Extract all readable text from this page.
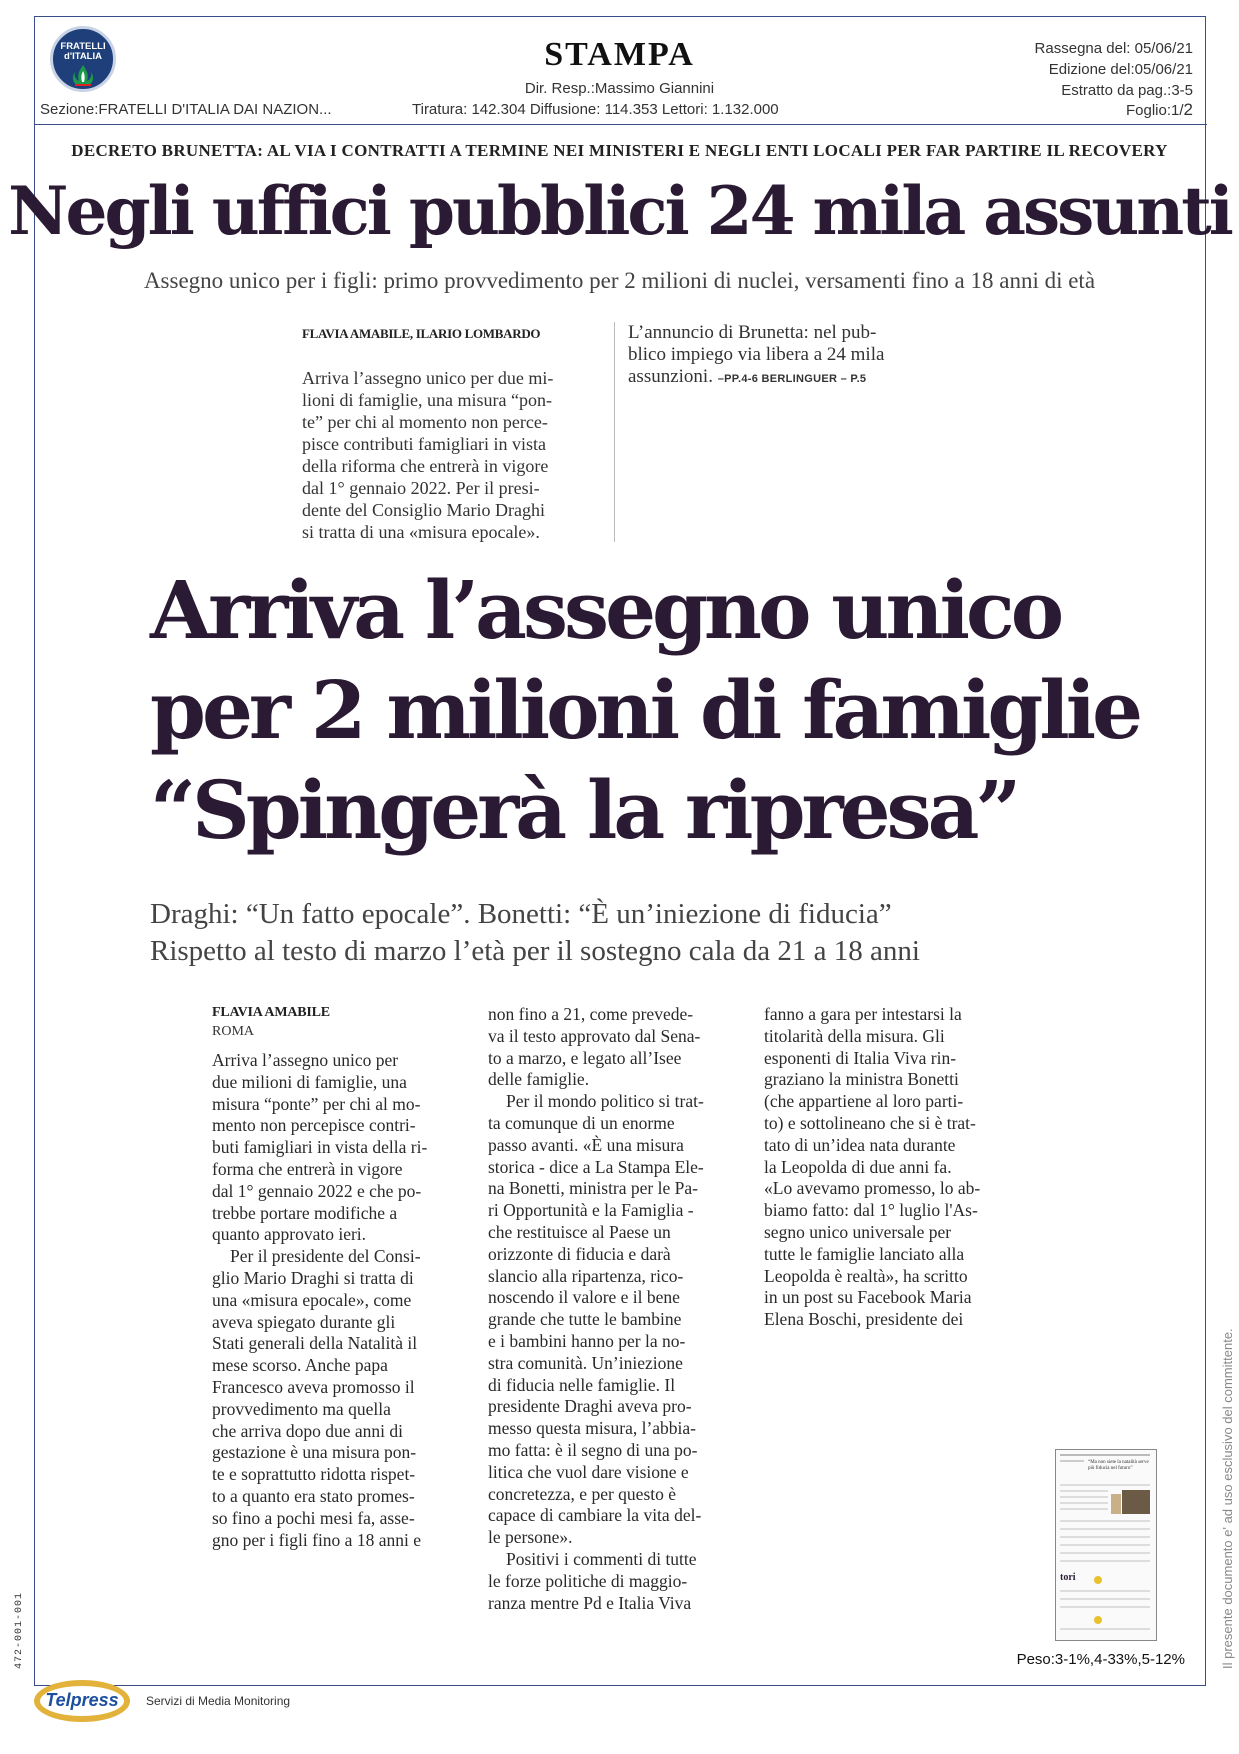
FRATELLI
d'ITALIA	STAMPA
Dir. Resp.:Massimo Giannini
Rassegna del: 05/06/21
Edizione del:05/06/21
Estratto da pag.:3-5
Sezione:FRATELLI D'ITALIA DAI NAZION...	Tiratura: 142.304 Diffusione: 114.353 Lettori: 1.132.000	Foglio:1/2
DECRETO BRUNETTA: AL VIA I CONTRATTI A TERMINE NEI MINISTERI E NEGLI ENTI LOCALI PER FAR PARTIRE IL RECOVERY
Negli uffici pubblici 24 mila assunti
Assegno unico per i figli: primo provvedimento per 2 milioni di nuclei, versamenti fino a 18 anni di età
FLAVIA AMABILE, ILARIO LOMBARDO

Arriva l’assegno unico per due mi-
lioni di famiglie, una misura “pon-
te” per chi al momento non perce-
pisce contributi famigliari in vista
della riforma che entrerà in vigore
dal 1° gennaio 2022. Per il presi-
dente del Consiglio Mario Draghi
si tratta di una «misura epocale».

L’annuncio di Brunetta: nel pub-
blico impiego via libera a 24 mila
assunzioni. –PP.4-6 BERLINGUER – P.5

Arriva l’assegno unico
per 2 milioni di famiglie
“Spingerà la ripresa”

Draghi: “Un fatto epocale”. Bonetti: “È un’iniezione di fiducia”
Rispetto al testo di marzo l’età per il sostegno cala da 21 a 18 anni

FLAVIA AMABILE
ROMA

Arriva l’assegno unico per
due milioni di famiglie, una
misura “ponte” per chi al mo-
mento non percepisce contri-
buti famigliari in vista della ri-
forma che entrerà in vigore
dal 1° gennaio 2022 e che po-
trebbe portare modifiche a
quanto approvato ieri.
Per il presidente del Consi-
glio Mario Draghi si tratta di
una «misura epocale», come
aveva spiegato durante gli
Stati generali della Natalità il
mese scorso. Anche papa
Francesco aveva promosso il
provvedimento ma quella
che arriva dopo due anni di
gestazione è una misura pon-
te e soprattutto ridotta rispet-
to a quanto era stato promes-
so fino a pochi mesi fa, asse-
gno per i figli fino a 18 anni e

non fino a 21, come prevede-
va il testo approvato dal Sena-
to a marzo, e legato all’Isee
delle famiglie.
Per il mondo politico si trat-
ta comunque di un enorme
passo avanti. «È una misura
storica - dice a La Stampa Ele-
na Bonetti, ministra per le Pa-
ri Opportunità e la Famiglia -
che restituisce al Paese un
orizzonte di fiducia e darà
slancio alla ripartenza, rico-
noscendo il valore e il bene
grande che tutte le bambine
e i bambini hanno per la no-
stra comunità. Un’iniezione
di fiducia nelle famiglie. Il
presidente Draghi aveva pro-
messo questa misura, l’abbia-
mo fatta: è il segno di una po-
litica che vuol dare visione e
concretezza, e per questo è
capace di cambiare la vita del-
le persone».
Positivi i commenti di tutte
le forze politiche di maggio-
ranza mentre Pd e Italia Viva

fanno a gara per intestarsi la
titolarità della misura. Gli
esponenti di Italia Viva rin-
graziano la ministra Bonetti
(che appartiene al loro parti-
to) e sottolineano che si è trat-
tato di un’idea nata durante
la Leopolda di due anni fa.
«Lo avevamo promesso, lo ab-
biamo fatto: dal 1° luglio l'As-
segno unico universale per
tutte le famiglie lanciato alla
Leopolda è realtà», ha scritto
in un post su Facebook Maria
Elena Boschi, presidente dei

“Ma non siete la natalità serve più fiducia nel futuro”
tori
Peso:3-1%,4-33%,5-12%	Il presente documento e' ad uso esclusivo del committente.
472-001-001
Telpress	Servizi di Media Monitoring
